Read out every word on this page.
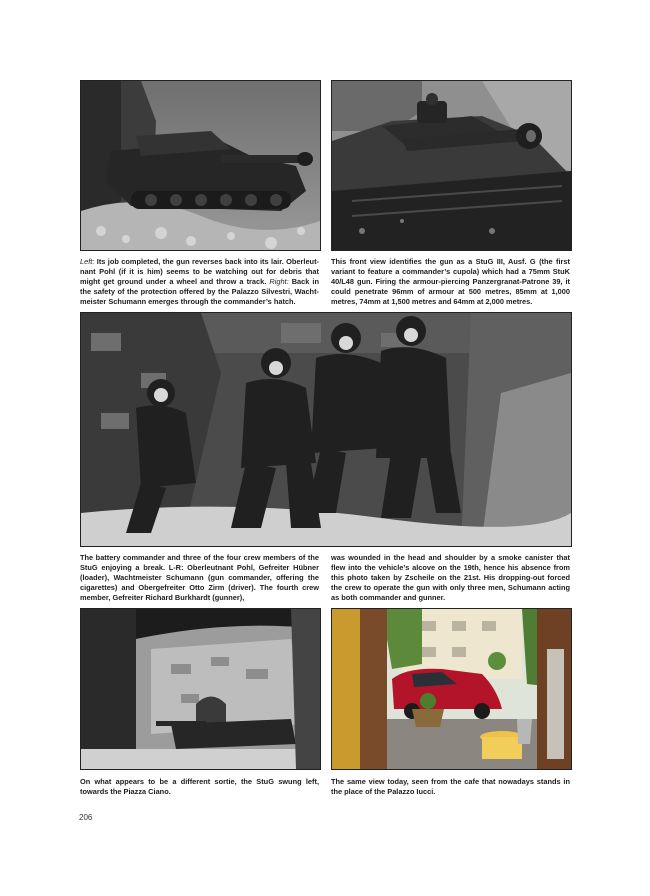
Left: Its job completed, the gun reverses back into its lair. Oberleut-nant Pohl (if it is him) seems to be watching out for debris that might get ground under a wheel and throw a track. Right: Back in the safety of the protection offered by the Palazzo Silvestri, Wacht-meister Schumann emerges through the commander’s hatch.
This front view identifies the gun as a StuG III, Ausf. G (the first variant to feature a commander’s cupola) which had a 75mm StuK 40/L48 gun. Firing the armour-piercing Panzergranat-Patrone 39, it could penetrate 96mm of armour at 500 metres, 85mm at 1,000 metres, 74mm at 1,500 metres and 64mm at 2,000 metres.
The battery commander and three of the four crew members of the StuG enjoying a break. L-R: Oberleutnant Pohl, Gefreiter Hübner (loader), Wachtmeister Schumann (gun commander, offering the cigarettes) and Obergefreiter Otto Zirm (driver). The fourth crew member, Gefreiter Richard Burkhardt (gunner),
was wounded in the head and shoulder by a smoke canister that flew into the vehicle’s alcove on the 19th, hence his absence from this photo taken by Zscheile on the 21st. His dropping-out forced the crew to operate the gun with only three men, Schumann acting as both commander and gunner.
On what appears to be a different sortie, the StuG swung left, towards the Piazza Ciano.
The same view today, seen from the cafe that nowadays stands in the place of the Palazzo Iucci.
206
